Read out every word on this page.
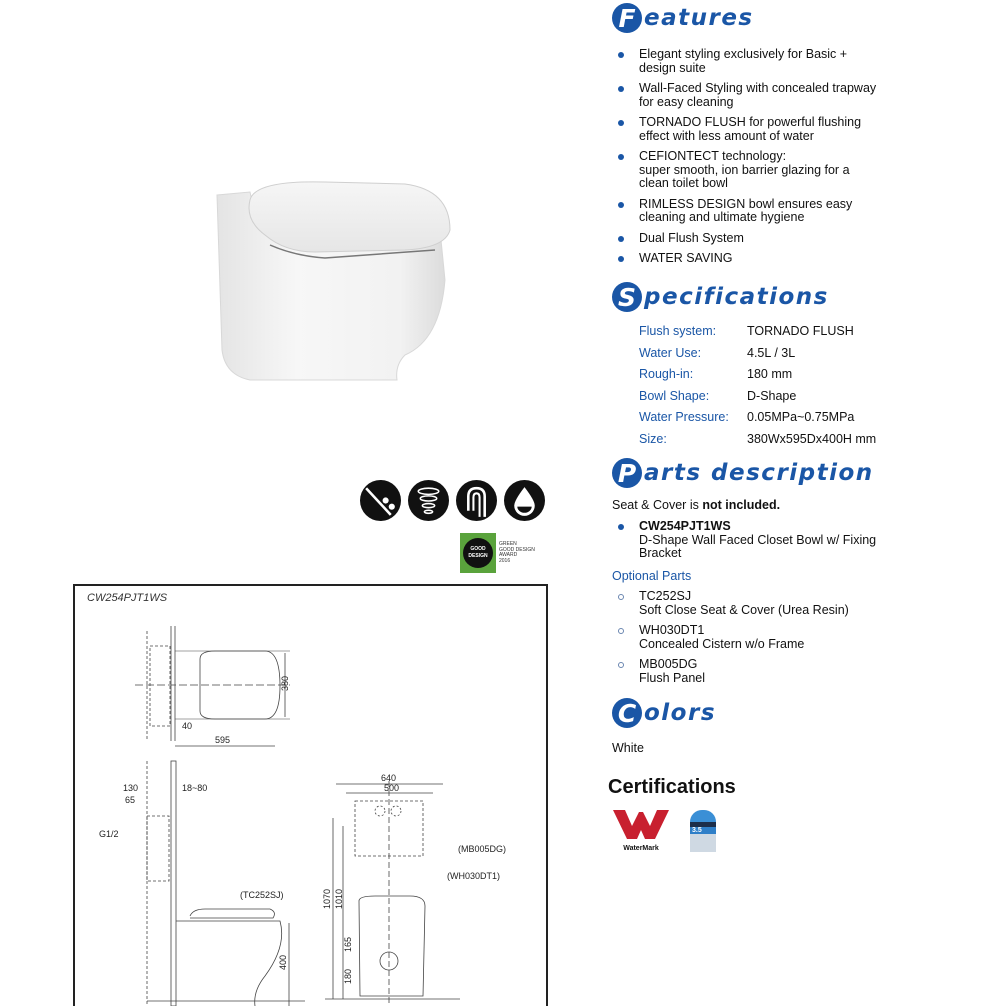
GOOD
DESIGN
GREEN
GOOD DESIGN
AWARD
2016
CW254PJT1WS
380
40
595
130
65
18~80
G1/2
(TC252SJ)
400
640
500
(MB005DG)
(WH030DT1)
1070 1010
165
180
F eatures
Elegant styling exclusively for Basic +
design suite
Wall-Faced Styling with concealed trapway
for easy cleaning
TORNADO FLUSH for powerful flushing
effect with less amount of water
CEFIONTECT technology:
super smooth, ion barrier glazing for a
clean toilet bowl
RIMLESS DESIGN bowl ensures easy
cleaning and ultimate hygiene
Dual Flush System
WATER SAVING
S pecifications
Flush system:	TORNADO FLUSH
Water Use:	4.5L / 3L
Rough-in:	180 mm
Bowl Shape:	D-Shape
Water Pressure:	0.05MPa~0.75MPa
Size:	380Wx595Dx400H mm
P arts description
Seat & Cover is not included.
CW254PJT1WS
D-Shape Wall Faced Closet Bowl w/ Fixing
Bracket
Optional Parts
TC252SJ
Soft Close Seat & Cover (Urea Resin)
WH030DT1
Concealed Cistern w/o Frame
MB005DG
Flush Panel
C olors
White
Certifications
WaterMark
3.5
